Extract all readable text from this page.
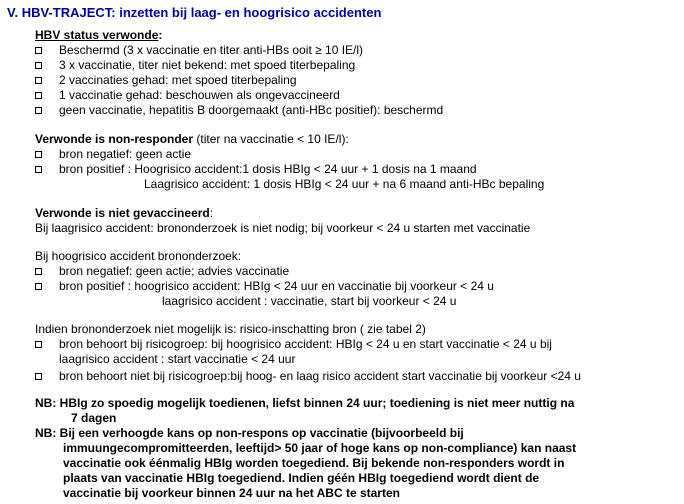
V. HBV-TRAJECT: inzetten bij laag- en hoogrisico accidenten
HBV status verwonde:
Beschermd (3 x vaccinatie en titer anti-HBs ooit ≥ 10 IE/l)
3 x vaccinatie, titer niet bekend: met spoed titerbepaling
2 vaccinaties gehad: met spoed titerbepaling
1 vaccinatie gehad: beschouwen als ongevaccineerd
geen vaccinatie, hepatitis B doorgemaakt (anti-HBc positief): beschermd
Verwonde is non-responder (titer na vaccinatie < 10 IE/l):
bron negatief: geen actie
bron positief : Hoogrisico accident:1 dosis HBIg < 24 uur + 1 dosis na 1 maand
Laagrisico accident: 1 dosis HBIg < 24 uur + na 6 maand anti-HBc bepaling
Verwonde is niet gevaccineerd:
Bij laagrisico accident: brononderzoek is niet nodig; bij voorkeur < 24 u starten met vaccinatie
Bij hoogrisico accident brononderzoek:
bron negatief: geen actie; advies vaccinatie
bron positief : hoogrisico accident: HBIg < 24 uur en vaccinatie bij voorkeur < 24 u
laagrisico accident : vaccinatie, start bij voorkeur < 24 u
Indien brononderzoek niet mogelijk is: risico-inschatting bron ( zie tabel 2)
bron behoort bij risicogroep: bij hoogrisico accident: HBIg < 24 u en start vaccinatie < 24 u bij
laagrisico accident : start vaccinatie < 24 uur
bron behoort niet bij risicogroep:bij hoog- en laag risico accident start vaccinatie bij voorkeur <24 u
NB: HBIg zo spoedig mogelijk toedienen, liefst binnen 24 uur; toediening is niet meer nuttig na
7 dagen
NB: Bij een verhoogde kans op non-respons op vaccinatie (bijvoorbeeld bij
immuungecompromitteerden, leeftijd> 50 jaar of hoge kans op non-compliance) kan naast
vaccinatie ook éénmalig HBIg worden toegediend. Bij bekende non-responders wordt in
plaats van vaccinatie HBIg toegediend. Indien géén HBIg toegediend wordt dient de
vaccinatie bij voorkeur binnen 24 uur na het ABC te starten
